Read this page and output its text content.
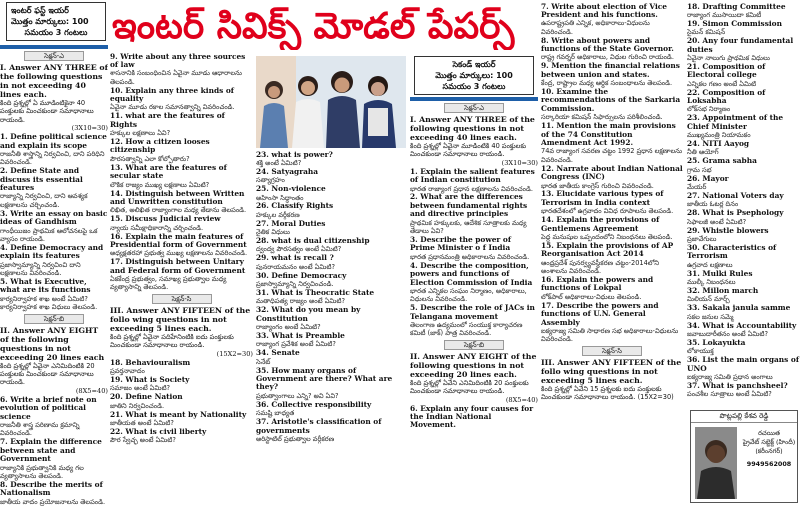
ఇంటర్ ఫస్ట్ ఇయర్
మొత్తం మార్కులు: 100
సమయం 3 గంటలు
సెక్షన్-ఎ
I. Answer ANY THREE of the following questions in not exceeding 40 lines each.
కింది ప్రశ్నల్లో ఏ మూడింటికైనా 40 పంక్తులకు మించకుండా సమాధానాలు రాయండి.
(3X10=30)
1. Define political science and explain its scope
రాజనీతి శాస్త్రాన్ని నిర్వచించి, దాని పరిధిని వివరించండి.
2. Define State and discuss its essential features
రాజ్యాన్ని నిర్వచించి, దాని ఆవశ్యక లక్షణాలను చర్చించండి.
3. Write an essay on basic ideas of Gandhism
గాంధీయిజం ప్రాథమిక ఆలోచనలపై ఒక వ్యాసం రాయండి.
4. Define Democracy and explain its features
ప్రజాస్వామ్యాన్ని నిర్వచించి దాని లక్షణాలను వివరించండి.
5. What is Executive, what are its functions
కార్యనిర్వాహక శాఖ అంటే ఏమిటి? కార్యనిర్వాహక శాఖ విధులు తెలపండి.
సెక్షన్-బి
II. Answer ANY EIGHT of the following questions in not exceeding 20 lines each
కింది ప్రశ్నల్లో ఏవైనా ఎనిమిదింటికి 20 పంక్తులకు మించకుండా సమాధానాలు రాయండి.
(8X5=40)
6. Write a brief note on evolution of political science
రాజనీతి శాస్త్ర పరిణామ క్రమాన్ని వివరించండి.
7. Explain the difference between state and Government
రాజ్యానికి ప్రభుత్వానికి మధ్య గల వ్యత్యాసాలను తెలపండి.
8. Describe the merits of Nationalism
జాతీయ వాదం ప్రయోజనాలను తెలపండి.
ఇంటర్ సివిక్స్ మోడల్ పేపర్స్
9. Write about any three sources of law
శాసనానికి సంబంధించిన ఏవైనా మూడు ఆధారాలను తెలపండి.
10. Explain any three kinds of equality
ఏవైనా మూడు రకాల సమానత్వాన్ని వివరించండి.
11. what are the features of Rights
హక్కుల లక్షణాలు ఏవి?
12. How a citizen looses citizenship
పౌరసత్వాన్ని ఎలా కోల్పోతారు?
13. What are the features of secular state
లౌకిక రాజ్యం ముఖ్య లక్షణాలు ఏమిటి?
14. Distinguish between Written and Unwritten constitution
లిఖిత, అలిఖిత రాజ్యాంగాల మధ్య తేడాను తెలపండి.
15. Discuss Judicial review
న్యాయ సమీక్షాధికారాన్ని చర్చించండి.
16. Explain the main features of Presidential form of Government
అధ్యక్షతరహా ప్రభుత్వ ముఖ్య లక్షణాలను వివరించండి.
17. Distinguish between Unitary and Federal form of Government
ఏకకేంద్ర ప్రభుత్వం, సమాఖ్య ప్రభుత్వాల మధ్య వ్యత్యాసాన్ని తెలపండి.
సెక్షన్-సి
III. Answer ANY FIFTEEN of the follo wing questions in not exceeding 5 lines each.
కింది ప్రశ్నల్లో ఏవైనా పదిహేనింటికి ఐదు పంక్తులకు మించకుండా సమాధానాలు రాయండి.
(15X2=30)
18. Behaviouralism
ప్రవర్తనావాదం
19. What is Society
సమాజం అంటే ఏమిటి?
20. Define Nation
జాతిని నిర్వచించండి.
21. What is meant by Nationality
జాతీయత అంటే ఏమిటి?
22. What is civil liberty
పౌర స్వేచ్ఛ అంటే ఏమిటి?
23. what is power?
శక్తి అంటే ఏమిటి?
24. Satyagraha
సత్యాగ్రహం
25. Non-violence
అహింసా సిద్ధాంతం
26. Classify Rights
హక్కుల వర్గీకరణ
27. Moral Duties
నైతిక విధులు
28. what is dual citizenship
ద్వంద్వ పౌరసత్వం అంటే ఏమిటి?
29. what is recall ?
పునరాయమనం అంటే ఏమిటి?
30. Define Democracy
ప్రజాస్వామ్యాన్ని నిర్వచించండి.
31. What is Theocratic State
మతాధిపత్య రాజ్యం అంటే ఏమిటి?
32. What do you mean by Constitution
రాజ్యాంగం అంటే ఏమిటి?
33. What is Preamble
రాజ్యాంగ ప్రవేశిక అంటే ఏమిటి?
34. Senate
సెనేట్
35. How many organs of Government are there? What are they?
ప్రభుత్వాంగాలు ఎన్ని? అవి ఏవి?
36. Collective responsibility
సమష్టి బాధ్యత
37. Aristotle's classification of governments
అరిస్టాటిల్ ప్రభుత్వాల వర్గీకరణ
సెకండ్ ఇయర్
మొత్తం మార్కులు: 100
సమయం 3 గంటలు
సెక్షన్-ఎ
I. Answer ANY THREE of the following questions in not exceeding 40 lines each.
కింది ప్రశ్నల్లో ఏవైనా మూడింటికి 40 పంక్తులకు మించకుండా సమాధానాలు రాయండి.
(3X10=30)
1. Explain the salient features of Indian constitution
భారత రాజ్యాంగ ప్రధాన లక్షణాలను వివరించండి.
2. What are the differences between fundamental rights and directive principles
ప్రాథమిక హక్కులకు, ఆదేశిక సూత్రాలకు మధ్య తేడాలు ఏవి?
3. Describe the power of Prime Minister o f India
భారత ప్రధానమంత్రి అధికారాలను వివరించండి.
4. Describe the composition, powers and functions of Election Commission of India
భారత ఎన్నికల సంఘం నిర్మాణం, అధికారాలు, విధులను వివరించండి.
5. Describe the role of JACs in Telangana movement
తెలంగాణ ఉద్యమంలో సంయుక్త కార్యాచరణ కమిటీ (జాక్) పాత్ర వివరించండి.
సెక్షన్-బి
II. Answer ANY EIGHT of the following questions in not exceeding 20 lines each.
కింది ప్రశ్నల్లో ఏవేని ఎనిమిదింటికి 20 పంక్తులకు మించకుండా సమాధానాలు రాయండి.
(8X5=40)
6. Explain any four causes for the Indian National Movement.
7. Write about election of Vice President and his functions.
ఉపరాష్ట్రపతి ఎన్నిక, అధికారాలు-విధులను వివరించండి.
8. Write about powers and functions of the State Governor.
రాష్ట్ర గవర్నర్ అధికారాలు, విధుల గురించి రాయండి.
9. Mention the financial relations between union and states.
కేంద్ర, రాష్ట్రాల మధ్య ఆర్థిక సంబంధాలను తెలపండి.
10. Examine the recommendations of the Sarkaria Commission.
సర్కారియా కమిషన్ సిఫార్సులను పరిశీలించండి.
11. Mention the main provisions of the 74 Constitution Amendment Act 1992.
74వ రాజ్యాంగ సవరణ చట్టం 1992 ప్రధాన లక్షణాలను వివరించండి.
12. Narrate about Indian National Congress (INC)
భారత జాతీయ కాంగ్రెస్ గురించి వివరించండి.
13. Elucidate various types of Terrorism in India context
భారతదేశంలో ఉగ్రవాదం వివిధ రూపాలను తెలపండి.
14. Explain the provisions of Gentlemens Agreement
పెద్ద మనుషుల ఒప్పందంలోని నిబంధనలు తెలపండి.
15. Explain the provisions of AP Reorganisation Act 2014
ఆంధ్రప్రదేశ్ పునర్వ్యవస్థీకరణ చట్టం-2014లోని అంశాలను వివరించండి.
16. Explain the powers and functions of Lokpal
లోక్‌పాల్ అధికారాలు-విధులు తెలపండి.
17. Describe the powers and functions of U.N. General Assembly
ఐక్యరాజ్య సమితి సాధారణ సభ అధికారాలు-విధులను వివరించండి.
సెక్షన్-సి
III. Answer ANY FIFTEEN of the follo wing questions in not exceeding 5 lines each.
కింది ప్రశ్నల్లో ఏవేని 15 ప్రశ్నలకు ఐదు పంక్తులకు మించకుండా సమాధానాలు రాయండి. (15X2=30)
18. Drafting Committee
రాజ్యాంగ ముసాయిదా కమిటీ
19. Simon Commission
సైమన్ కమిషన్
20. Any four fundamental duties
ఏవైనా నాలుగు ప్రాథమిక విధులు
21. Composition of Electoral college
ఎన్నికల గణం అంటే ఏమిటి
22. Composition of Loksabha
లోక్‌సభ నిర్మాణం
23. Appointment of the Chief Minister
ముఖ్యమంత్రి నియామకం
24. NITI Aayog
నీతి ఆయోగ్
25. Grama sabha
గ్రామ సభ
26. Mayor
మేయర్
27. National Voters day
జాతీయ ఓటర్ల దినం
28. What is Psephology
సెఫాలజీ అంటే ఏమిటి?
29. Whistle blowers
ప్రజావేగులు
30. Characteristics of Terrorism
ఉగ్రవాద లక్షణాలు
31. Mulki Rules
ముల్కీ నిబంధనలు
32. Millon march
మిలియన్ మార్చ్
33. Sakala janula samme
సకల జనుల సమ్మె
34. What is Accountability
జవాబుదారీతనం అంటే ఏమిటి?
35. Lokayukta
లోకాయుక్త
36. List the main organs of UNO
ఐక్యరాజ్య సమితి ప్రధాన అంగాలు
37. What is panchsheel?
పంచశీల సూత్రాలు అంటే ఏమిటి?
పొట్లపల్లి కేశవ రెడ్డి
రచయిత
ప్రైవేట్ సబ్జెక్ట్ (హిందీ)
(కరీంనగర్)
9949562008
